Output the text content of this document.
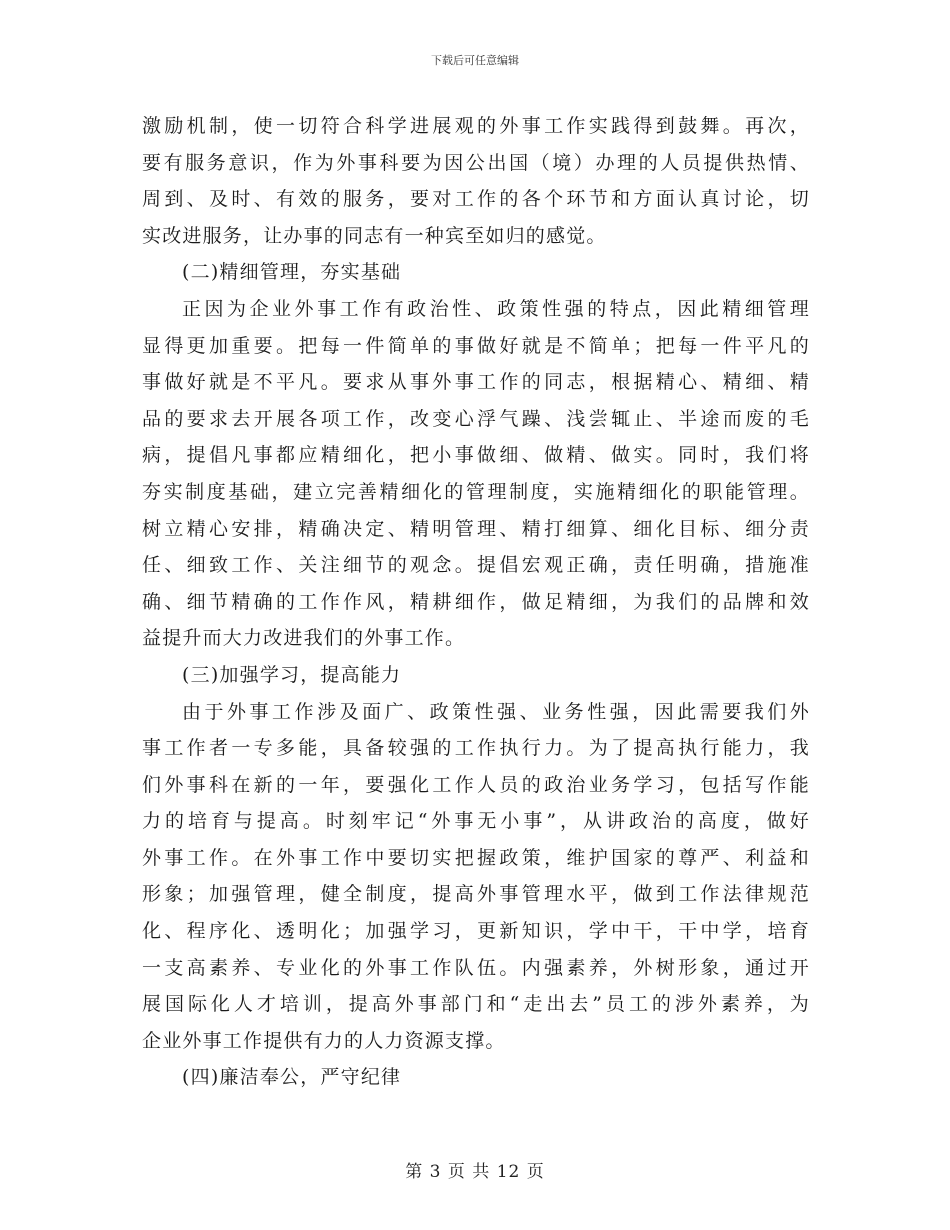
下载后可任意编辑
激励机制，使一切符合科学进展观的外事工作实践得到鼓舞。再次，
要有服务意识，作为外事科要为因公出国（境）办理的人员提供热情、
周到、及时、有效的服务，要对工作的各个环节和方面认真讨论，切
实改进服务，让办事的同志有一种宾至如归的感觉。
(二)精细管理，夯实基础
正因为企业外事工作有政治性、政策性强的特点，因此精细管理
显得更加重要。把每一件简单的事做好就是不简单；把每一件平凡的
事做好就是不平凡。要求从事外事工作的同志，根据精心、精细、精
品的要求去开展各项工作，改变心浮气躁、浅尝辄止、半途而废的毛
病，提倡凡事都应精细化，把小事做细、做精、做实。同时，我们将
夯实制度基础，建立完善精细化的管理制度，实施精细化的职能管理。
树立精心安排，精确决定、精明管理、精打细算、细化目标、细分责
任、细致工作、关注细节的观念。提倡宏观正确，责任明确，措施准
确、细节精确的工作作风，精耕细作，做足精细，为我们的品牌和效
益提升而大力改进我们的外事工作。
(三)加强学习，提高能力
由于外事工作涉及面广、政策性强、业务性强，因此需要我们外
事工作者一专多能，具备较强的工作执行力。为了提高执行能力，我
们外事科在新的一年，要强化工作人员的政治业务学习，包括写作能
力的培育与提高。时刻牢记“外事无小事”，从讲政治的高度，做好
外事工作。在外事工作中要切实把握政策，维护国家的尊严、利益和
形象；加强管理，健全制度，提高外事管理水平，做到工作法律规范
化、程序化、透明化；加强学习，更新知识，学中干，干中学，培育
一支高素养、专业化的外事工作队伍。内强素养，外树形象，通过开
展国际化人才培训，提高外事部门和“走出去”员工的涉外素养，为
企业外事工作提供有力的人力资源支撑。
(四)廉洁奉公，严守纪律
第 3 页 共 12 页
